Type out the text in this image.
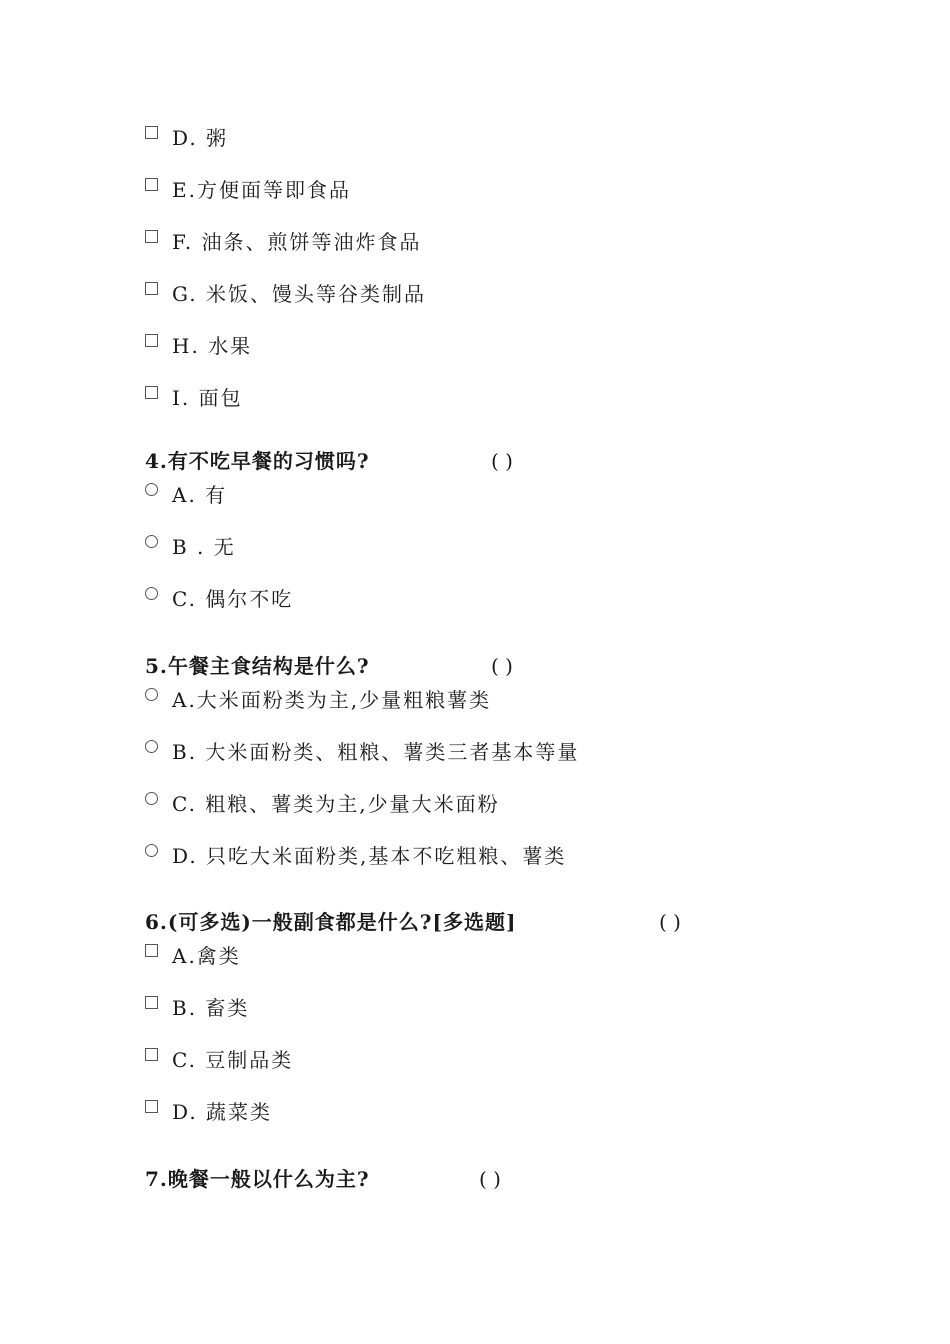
D. 粥
E.方便面等即食品
F. 油条、煎饼等油炸食品
G. 米饭、馒头等谷类制品
H. 水果
I. 面包
4.有不吃早餐的习惯吗?	( )
A. 有
B . 无
C. 偶尔不吃
5.午餐主食结构是什么?	( )
A.大米面粉类为主,少量粗粮薯类
B. 大米面粉类、粗粮、薯类三者基本等量
C. 粗粮、薯类为主,少量大米面粉
D. 只吃大米面粉类,基本不吃粗粮、薯类
6.(可多选)一般副食都是什么?[多选题]	( )
A.禽类
B. 畜类
C. 豆制品类
D. 蔬菜类
7.晚餐一般以什么为主?	( )
